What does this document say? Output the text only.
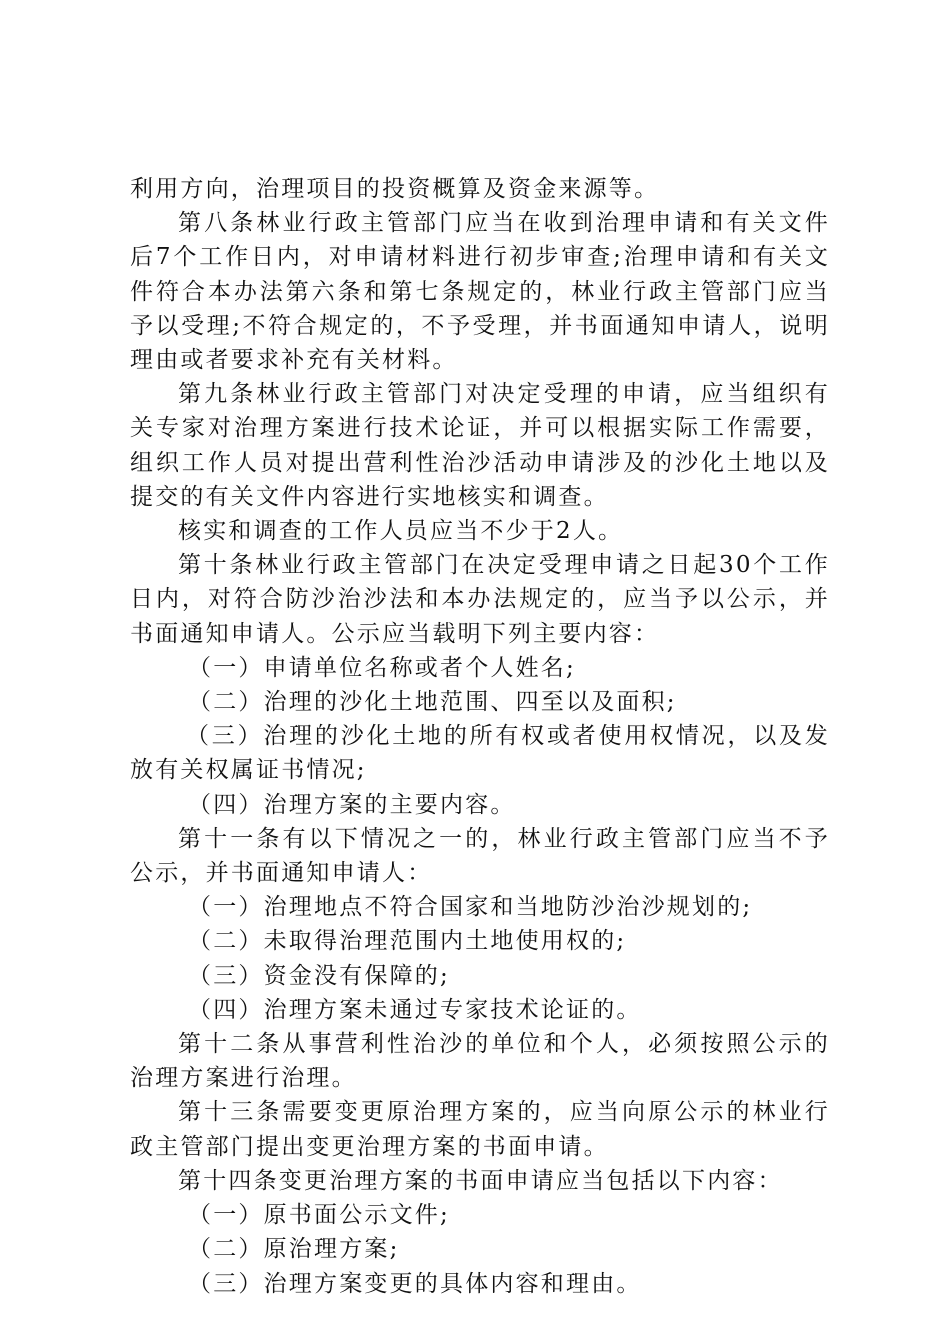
利用方向，治理项目的投资概算及资金来源等。

第八条林业行政主管部门应当在收到治理申请和有关文件后7个工作日内，对申请材料进行初步审查;治理申请和有关文件符合本办法第六条和第七条规定的，林业行政主管部门应当予以受理;不符合规定的，不予受理，并书面通知申请人，说明理由或者要求补充有关材料。

第九条林业行政主管部门对决定受理的申请，应当组织有关专家对治理方案进行技术论证，并可以根据实际工作需要，组织工作人员对提出营利性治沙活动申请涉及的沙化土地以及提交的有关文件内容进行实地核实和调查。

核实和调查的工作人员应当不少于2人。

第十条林业行政主管部门在决定受理申请之日起30个工作日内，对符合防沙治沙法和本办法规定的，应当予以公示，并书面通知申请人。公示应当载明下列主要内容：

（一）申请单位名称或者个人姓名;

（二）治理的沙化土地范围、四至以及面积;

（三）治理的沙化土地的所有权或者使用权情况，以及发放有关权属证书情况;

（四）治理方案的主要内容。

第十一条有以下情况之一的，林业行政主管部门应当不予公示，并书面通知申请人：

（一）治理地点不符合国家和当地防沙治沙规划的;

（二）未取得治理范围内土地使用权的;

（三）资金没有保障的;

（四）治理方案未通过专家技术论证的。

第十二条从事营利性治沙的单位和个人，必须按照公示的治理方案进行治理。

第十三条需要变更原治理方案的，应当向原公示的林业行政主管部门提出变更治理方案的书面申请。

第十四条变更治理方案的书面申请应当包括以下内容：

（一）原书面公示文件;

（二）原治理方案;

（三）治理方案变更的具体内容和理由。
